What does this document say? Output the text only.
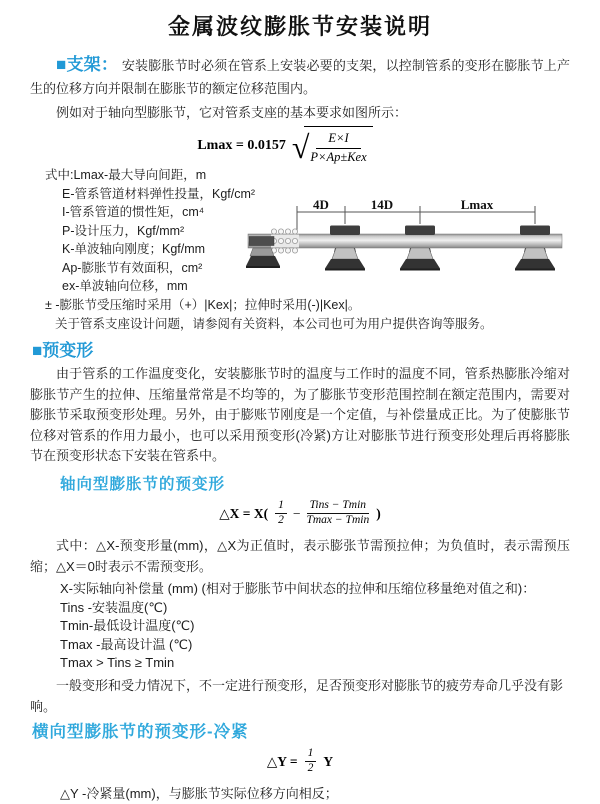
金属波纹膨胀节安装说明

■支架： 安装膨胀节时必须在管系上安装必要的支架，以控制管系的变形在膨胀节上产生的位移方向并限制在膨胀节的额定位移范围内。

例如对于轴向型膨胀节，它对管系支座的基本要求如图所示：

Lmax = 0.0157 √	E×I
P×Ap±Kex
式中:Lmax-最大导向间距，m
E-管系管道材料弹性投量，Kgf/cm²
I-管系管道的惯性矩，cm⁴
P-设计压力，Kgf/mm²
K-单波轴向刚度；Kgf/mm
Ap-膨胀节有效面积，cm²
ex-单波轴向位移，mm
± -膨胀节受压缩时采用（+）|Kex|；拉伸时采用(-)|Kex|。
4D	14D	Lmax
关于管系支座设计问题，请参阅有关资料，本公司也可为用户提供咨询等服务。
■预变形

由于管系的工作温度变化，安装膨胀节时的温度与工作时的温度不同，管系热膨胀冷缩对膨胀节产生的拉伸、压缩量常常是不均等的，为了膨胀节变形范围控制在额定范围内，需要对膨胀节采取预变形处理。另外，由于膨账节刚度是一个定值，与补偿量成正比。为了使膨胀节位移对管系的作用力最小，也可以采用预变形(冷紧)方让对膨胀节进行预变形处理后再将膨胀节在预变形状态下安装在管系中。

轴向型膨胀节的预变形
△X = $X( \frac{1}{2}$ −
Tins − Tmin
Tmax − Tmin )

式中：△X-预变形量(mm)，△X为正值时，表示膨张节需预拉伸；为负值时，表示需预压缩；△X＝0时表示不需预变形。

X-实际轴向补偿量 (mm) (相对于膨胀节中间状态的拉伸和压缩位移量绝对值之和)：
Tins -安装温度(℃)
Tmin-最低设计温度(℃)
Tmax -最高设计温 (℃)
Tmax > Tins ≥ Tmin
一般变形和受力情况下，不一定进行预变形，足否预变形对膨胀节的疲劳寿命几乎没有影响。
横向型膨胀节的预变形-冷紧
△Y = $\frac{1}{2}$ Y
△Y -冷紧量(mm)，与膨胀节实际位移方向相反；
